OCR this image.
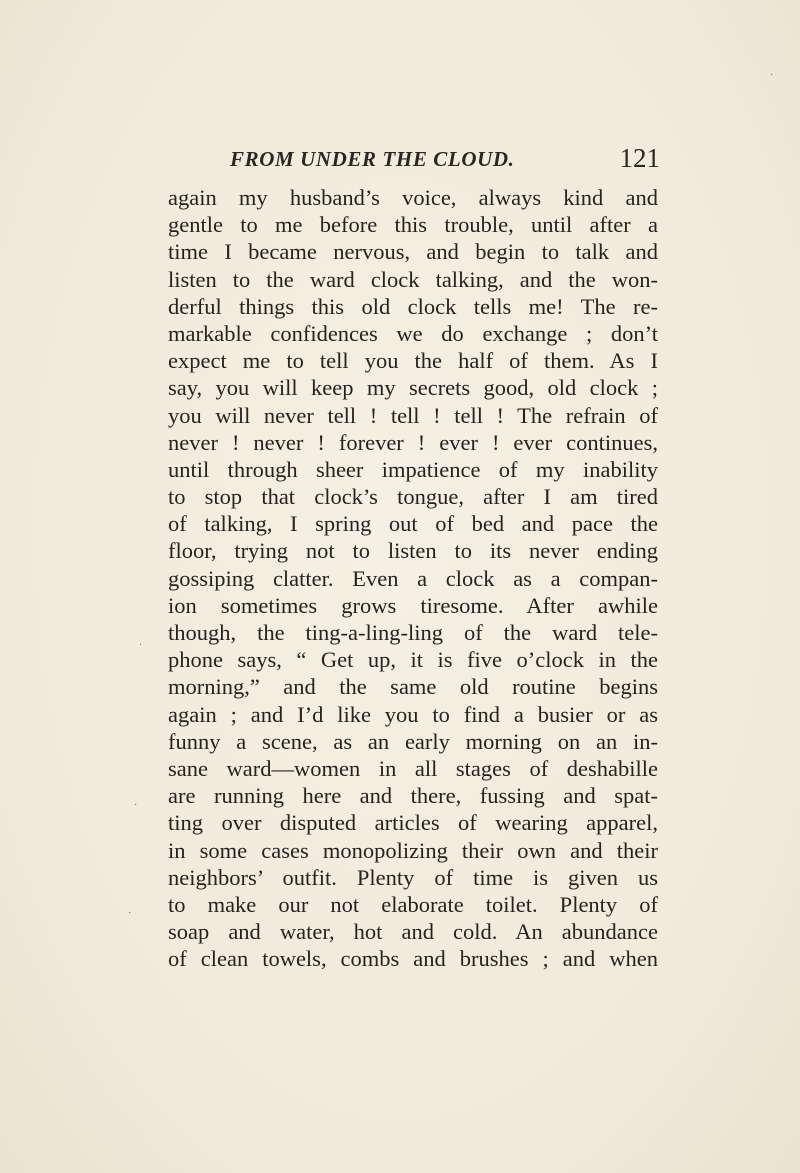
·
·
·
·
FROM UNDER THE CLOUD.	121
again my husband’s voice, always kind and
gentle to me before this trouble, until after a
time I became nervous, and begin to talk and
listen to the ward clock talking, and the won-
derful things this old clock tells me! The re-
markable confidences we do exchange ; don’t
expect me to tell you the half of them. As I
say, you will keep my secrets good, old clock ;
you will never tell ! tell ! tell ! The refrain of
never ! never ! forever ! ever ! ever continues,
until through sheer impatience of my inability
to stop that clock’s tongue, after I am tired
of talking, I spring out of bed and pace the
floor, trying not to listen to its never ending
gossiping clatter. Even a clock as a compan-
ion sometimes grows tiresome. After awhile
though, the ting-a-ling-ling of the ward tele-
phone says, “ Get up, it is five o’clock in the
morning,” and the same old routine begins
again ; and I’d like you to find a busier or as
funny a scene, as an early morning on an in-
sane ward—women in all stages of deshabille
are running here and there, fussing and spat-
ting over disputed articles of wearing apparel,
in some cases monopolizing their own and their
neighbors’ outfit. Plenty of time is given us
to make our not elaborate toilet. Plenty of
soap and water, hot and cold. An abundance
of clean towels, combs and brushes ; and when
